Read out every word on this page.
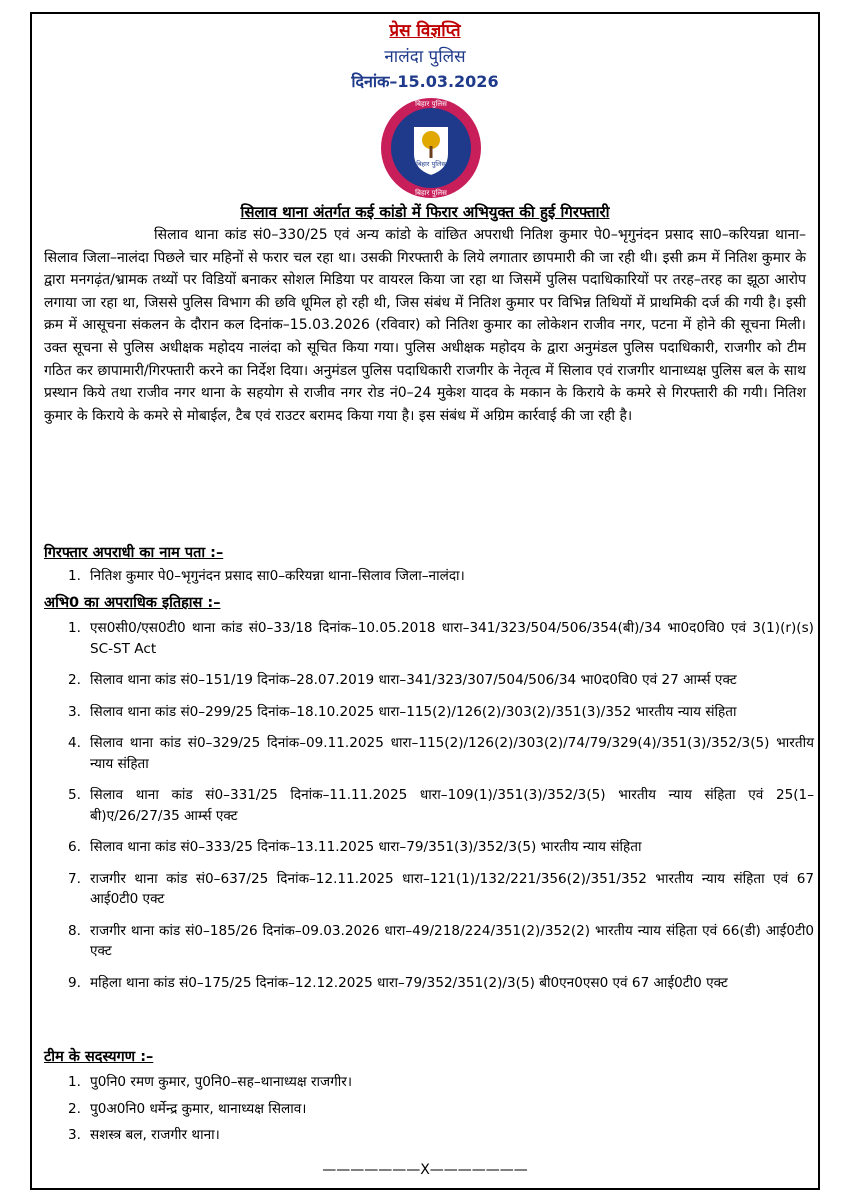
प्रेस विज्ञप्ति
नालंदा पुलिस
दिनांक–15.03.2026
बिहार पुलिस
बिहार पुलिस
बिहार पुलिस
सिलाव थाना अंतर्गत कई कांडो में फिरार अभियुक्त की हुई गिरफ्तारी
सिलाव थाना कांड सं0–330/25 एवं अन्य कांडो के वांछित अपराधी नितिश कुमार पे0–भृगुनंदन प्रसाद सा0–करियन्ना थाना–सिलाव जिला–नालंदा पिछले चार महिनों से फरार चल रहा था। उसकी गिरफ्तारी के लिये लगातार छापमारी की जा रही थी। इसी क्रम में नितिश कुमार के द्वारा मनगढ़ंत/भ्रामक तथ्यों पर विडियों बनाकर सोशल मिडिया पर वायरल किया जा रहा था जिसमें पुलिस पदाधिकारियों पर तरह–तरह का झूठा आरोप लगाया जा रहा था, जिससे पुलिस विभाग की छवि धूमिल हो रही थी, जिस संबंध में नितिश कुमार पर विभिन्न तिथियों में प्राथमिकी दर्ज की गयी है। इसी क्रम में आसूचना संकलन के दौरान कल दिनांक–15.03.2026 (रविवार) को नितिश कुमार का लोकेशन राजीव नगर, पटना में होने की सूचना मिली। उक्त सूचना से पुलिस अधीक्षक महोदय नालंदा को सूचित किया गया। पुलिस अधीक्षक महोदय के द्वारा अनुमंडल पुलिस पदाधिकारी, राजगीर को टीम गठित कर छापामारी/गिरफ्तारी करने का निर्देश दिया। अनुमंडल पुलिस पदाधिकारी राजगीर के नेतृत्व में सिलाव एवं राजगीर थानाध्यक्ष पुलिस बल के साथ प्रस्थान किये तथा राजीव नगर थाना के सहयोग से राजीव नगर रोड नं0–24 मुकेश यादव के मकान के किराये के कमरे से गिरफ्तारी की गयी। नितिश कुमार के किराये के कमरे से मोबाईल, टैब एवं राउटर बरामद किया गया है। इस संबंध में अग्रिम कार्रवाई की जा रही है।
गिरफ्तार अपराधी का नाम पता :–
1. नितिश कुमार पे0–भृगुनंदन प्रसाद सा0–करियन्ना थाना–सिलाव जिला–नालंदा।
अभि0 का अपराधिक इतिहास :–
1. एस0सी0/एस0टी0 थाना कांड सं0–33/18 दिनांक–10.05.2018 धारा–341/323/504/506/354(बी)/34 भा0द0वि0 एवं 3(1)(r)(s) SC-ST Act
2. सिलाव थाना कांड सं0–151/19 दिनांक–28.07.2019 धारा–341/323/307/504/506/34 भा0द0वि0 एवं 27 आर्म्स एक्ट
3. सिलाव थाना कांड सं0–299/25 दिनांक–18.10.2025 धारा–115(2)/126(2)/303(2)/351(3)/352 भारतीय न्याय संहिता
4. सिलाव थाना कांड सं0–329/25 दिनांक–09.11.2025 धारा–115(2)/126(2)/303(2)/74/79/329(4)/351(3)/352/3(5) भारतीय न्याय संहिता
5. सिलाव थाना कांड सं0–331/25 दिनांक–11.11.2025 धारा–109(1)/351(3)/352/3(5) भारतीय न्याय संहिता एवं 25(1–बी)ए/26/27/35 आर्म्स एक्ट
6. सिलाव थाना कांड सं0–333/25 दिनांक–13.11.2025 धारा–79/351(3)/352/3(5) भारतीय न्याय संहिता
7. राजगीर थाना कांड सं0–637/25 दिनांक–12.11.2025 धारा–121(1)/132/221/356(2)/351/352 भारतीय न्याय संहिता एवं 67 आई0टी0 एक्ट
8. राजगीर थाना कांड सं0–185/26 दिनांक–09.03.2026 धारा–49/218/224/351(2)/352(2) भारतीय न्याय संहिता एवं 66(डी) आई0टी0 एक्ट
9. महिला थाना कांड सं0–175/25 दिनांक–12.12.2025 धारा–79/352/351(2)/3(5) बी0एन0एस0 एवं 67 आई0टी0 एक्ट
टीम के सदस्यगण :–
1. पु0नि0 रमण कुमार, पु0नि0–सह–थानाध्यक्ष राजगीर।
2. पु0अ0नि0 धर्मेन्द्र कुमार, थानाध्यक्ष सिलाव।
3. सशस्त्र बल, राजगीर थाना।
———————X———————
